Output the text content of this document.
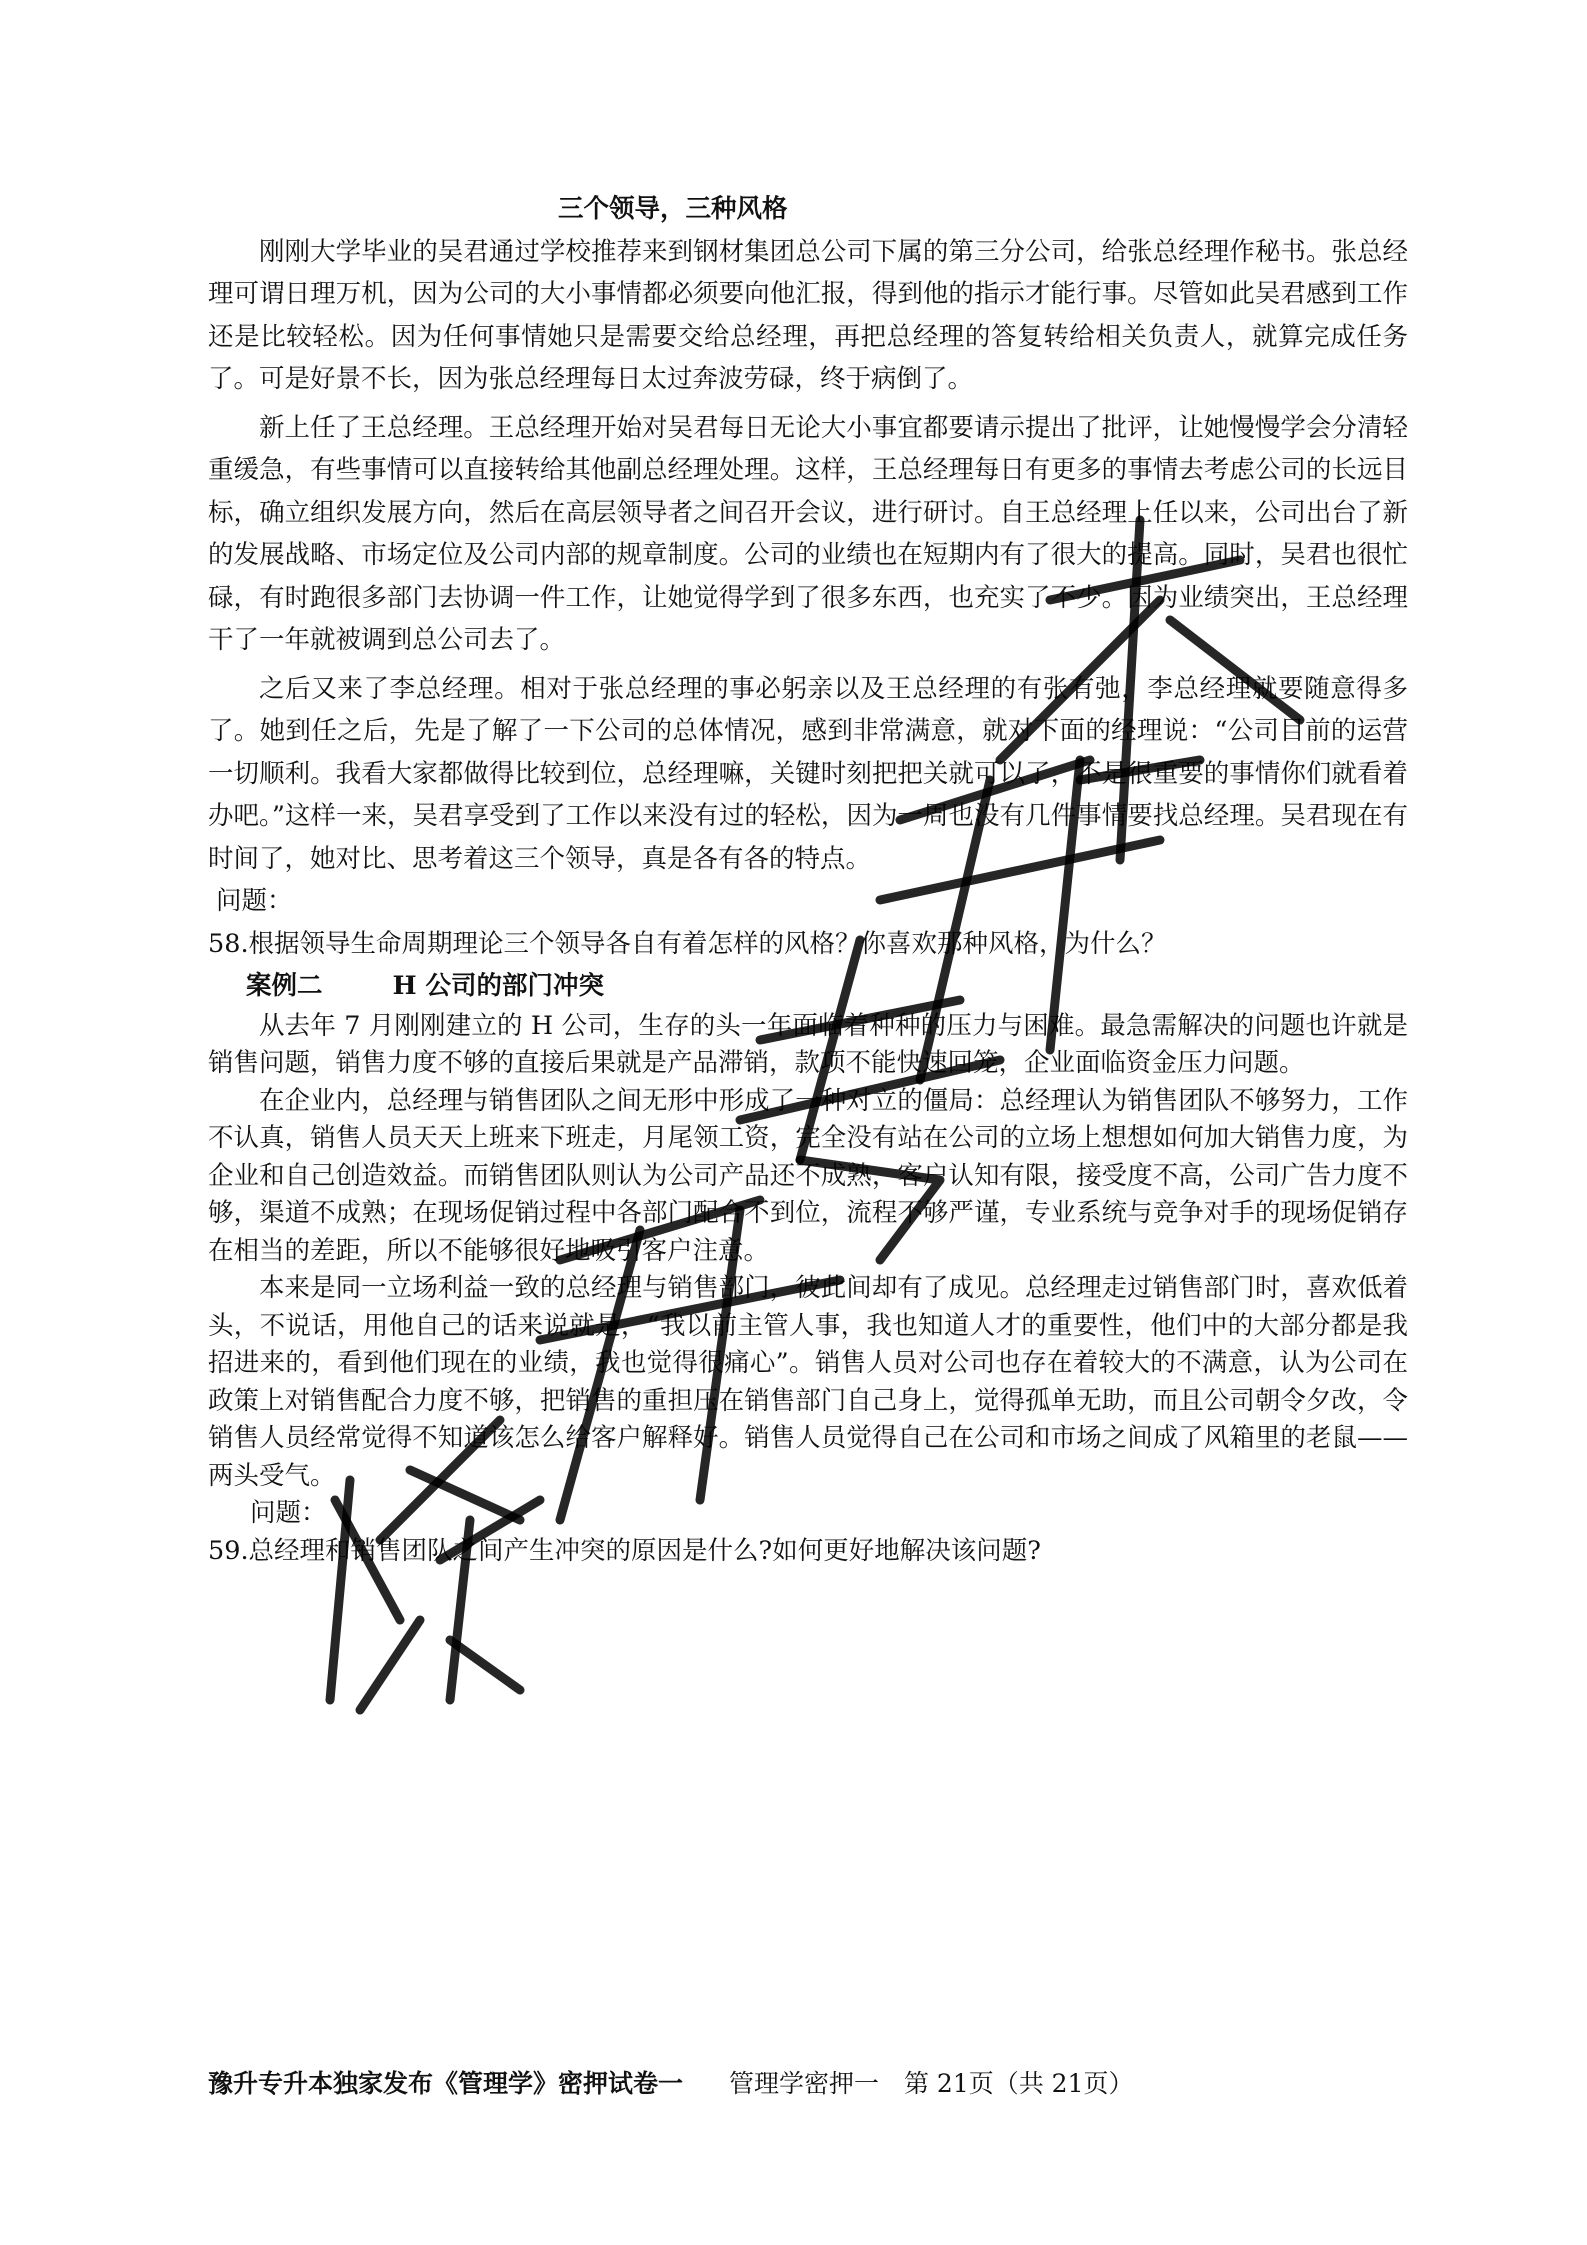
三个领导，三种风格

刚刚大学毕业的吴君通过学校推荐来到钢材集团总公司下属的第三分公司，给张总经理作秘书。张总经理可谓日理万机，因为公司的大小事情都必须要向他汇报，得到他的指示才能行事。尽管如此吴君感到工作还是比较轻松。因为任何事情她只是需要交给总经理，再把总经理的答复转给相关负责人，就算完成任务了。可是好景不长，因为张总经理每日太过奔波劳碌，终于病倒了。

新上任了王总经理。王总经理开始对吴君每日无论大小事宜都要请示提出了批评，让她慢慢学会分清轻重缓急，有些事情可以直接转给其他副总经理处理。这样，王总经理每日有更多的事情去考虑公司的长远目标，确立组织发展方向，然后在高层领导者之间召开会议，进行研讨。自王总经理上任以来，公司出台了新的发展战略、市场定位及公司内部的规章制度。公司的业绩也在短期内有了很大的提高。同时，吴君也很忙碌，有时跑很多部门去协调一件工作，让她觉得学到了很多东西，也充实了不少。因为业绩突出，王总经理干了一年就被调到总公司去了。

之后又来了李总经理。相对于张总经理的事必躬亲以及王总经理的有张有弛，李总经理就要随意得多了。她到任之后，先是了解了一下公司的总体情况，感到非常满意，就对下面的经理说：“公司目前的运营一切顺利。我看大家都做得比较到位，总经理嘛，关键时刻把把关就可以了，不是很重要的事情你们就看着办吧。”这样一来，吴君享受到了工作以来没有过的轻松，因为一周也没有几件事情要找总经理。吴君现在有时间了，她对比、思考着这三个领导，真是各有各的特点。

问题：
58.根据领导生命周期理论三个领导各自有着怎样的风格？你喜欢那种风格，为什么？
案例二	H 公司的部门冲突

从去年 7 月刚刚建立的 H 公司，生存的头一年面临着种种的压力与困难。最急需解决的问题也许就是销售问题，销售力度不够的直接后果就是产品滞销，款项不能快速回笼，企业面临资金压力问题。

在企业内，总经理与销售团队之间无形中形成了一种对立的僵局：总经理认为销售团队不够努力，工作不认真，销售人员天天上班来下班走，月尾领工资，完全没有站在公司的立场上想想如何加大销售力度，为企业和自己创造效益。而销售团队则认为公司产品还不成熟，客户认知有限，接受度不高，公司广告力度不够，渠道不成熟；在现场促销过程中各部门配合不到位，流程不够严谨，专业系统与竞争对手的现场促销存在相当的差距，所以不能够很好地吸引客户注意。

本来是同一立场利益一致的总经理与销售部门，彼此间却有了成见。总经理走过销售部门时，喜欢低着头，不说话，用他自己的话来说就是，“我以前主管人事，我也知道人才的重要性，他们中的大部分都是我招进来的，看到他们现在的业绩，我也觉得很痛心”。销售人员对公司也存在着较大的不满意，认为公司在政策上对销售配合力度不够，把销售的重担压在销售部门自己身上，觉得孤单无助，而且公司朝令夕改，令销售人员经常觉得不知道该怎么给客户解释好。销售人员觉得自己在公司和市场之间成了风箱里的老鼠——两头受气。

问题：
59.总经理和销售团队之间产生冲突的原因是什么?如何更好地解决该问题?
豫升专升本独家发布《管理学》密押试卷一 管理学密押一　第 21页（共 21页）
